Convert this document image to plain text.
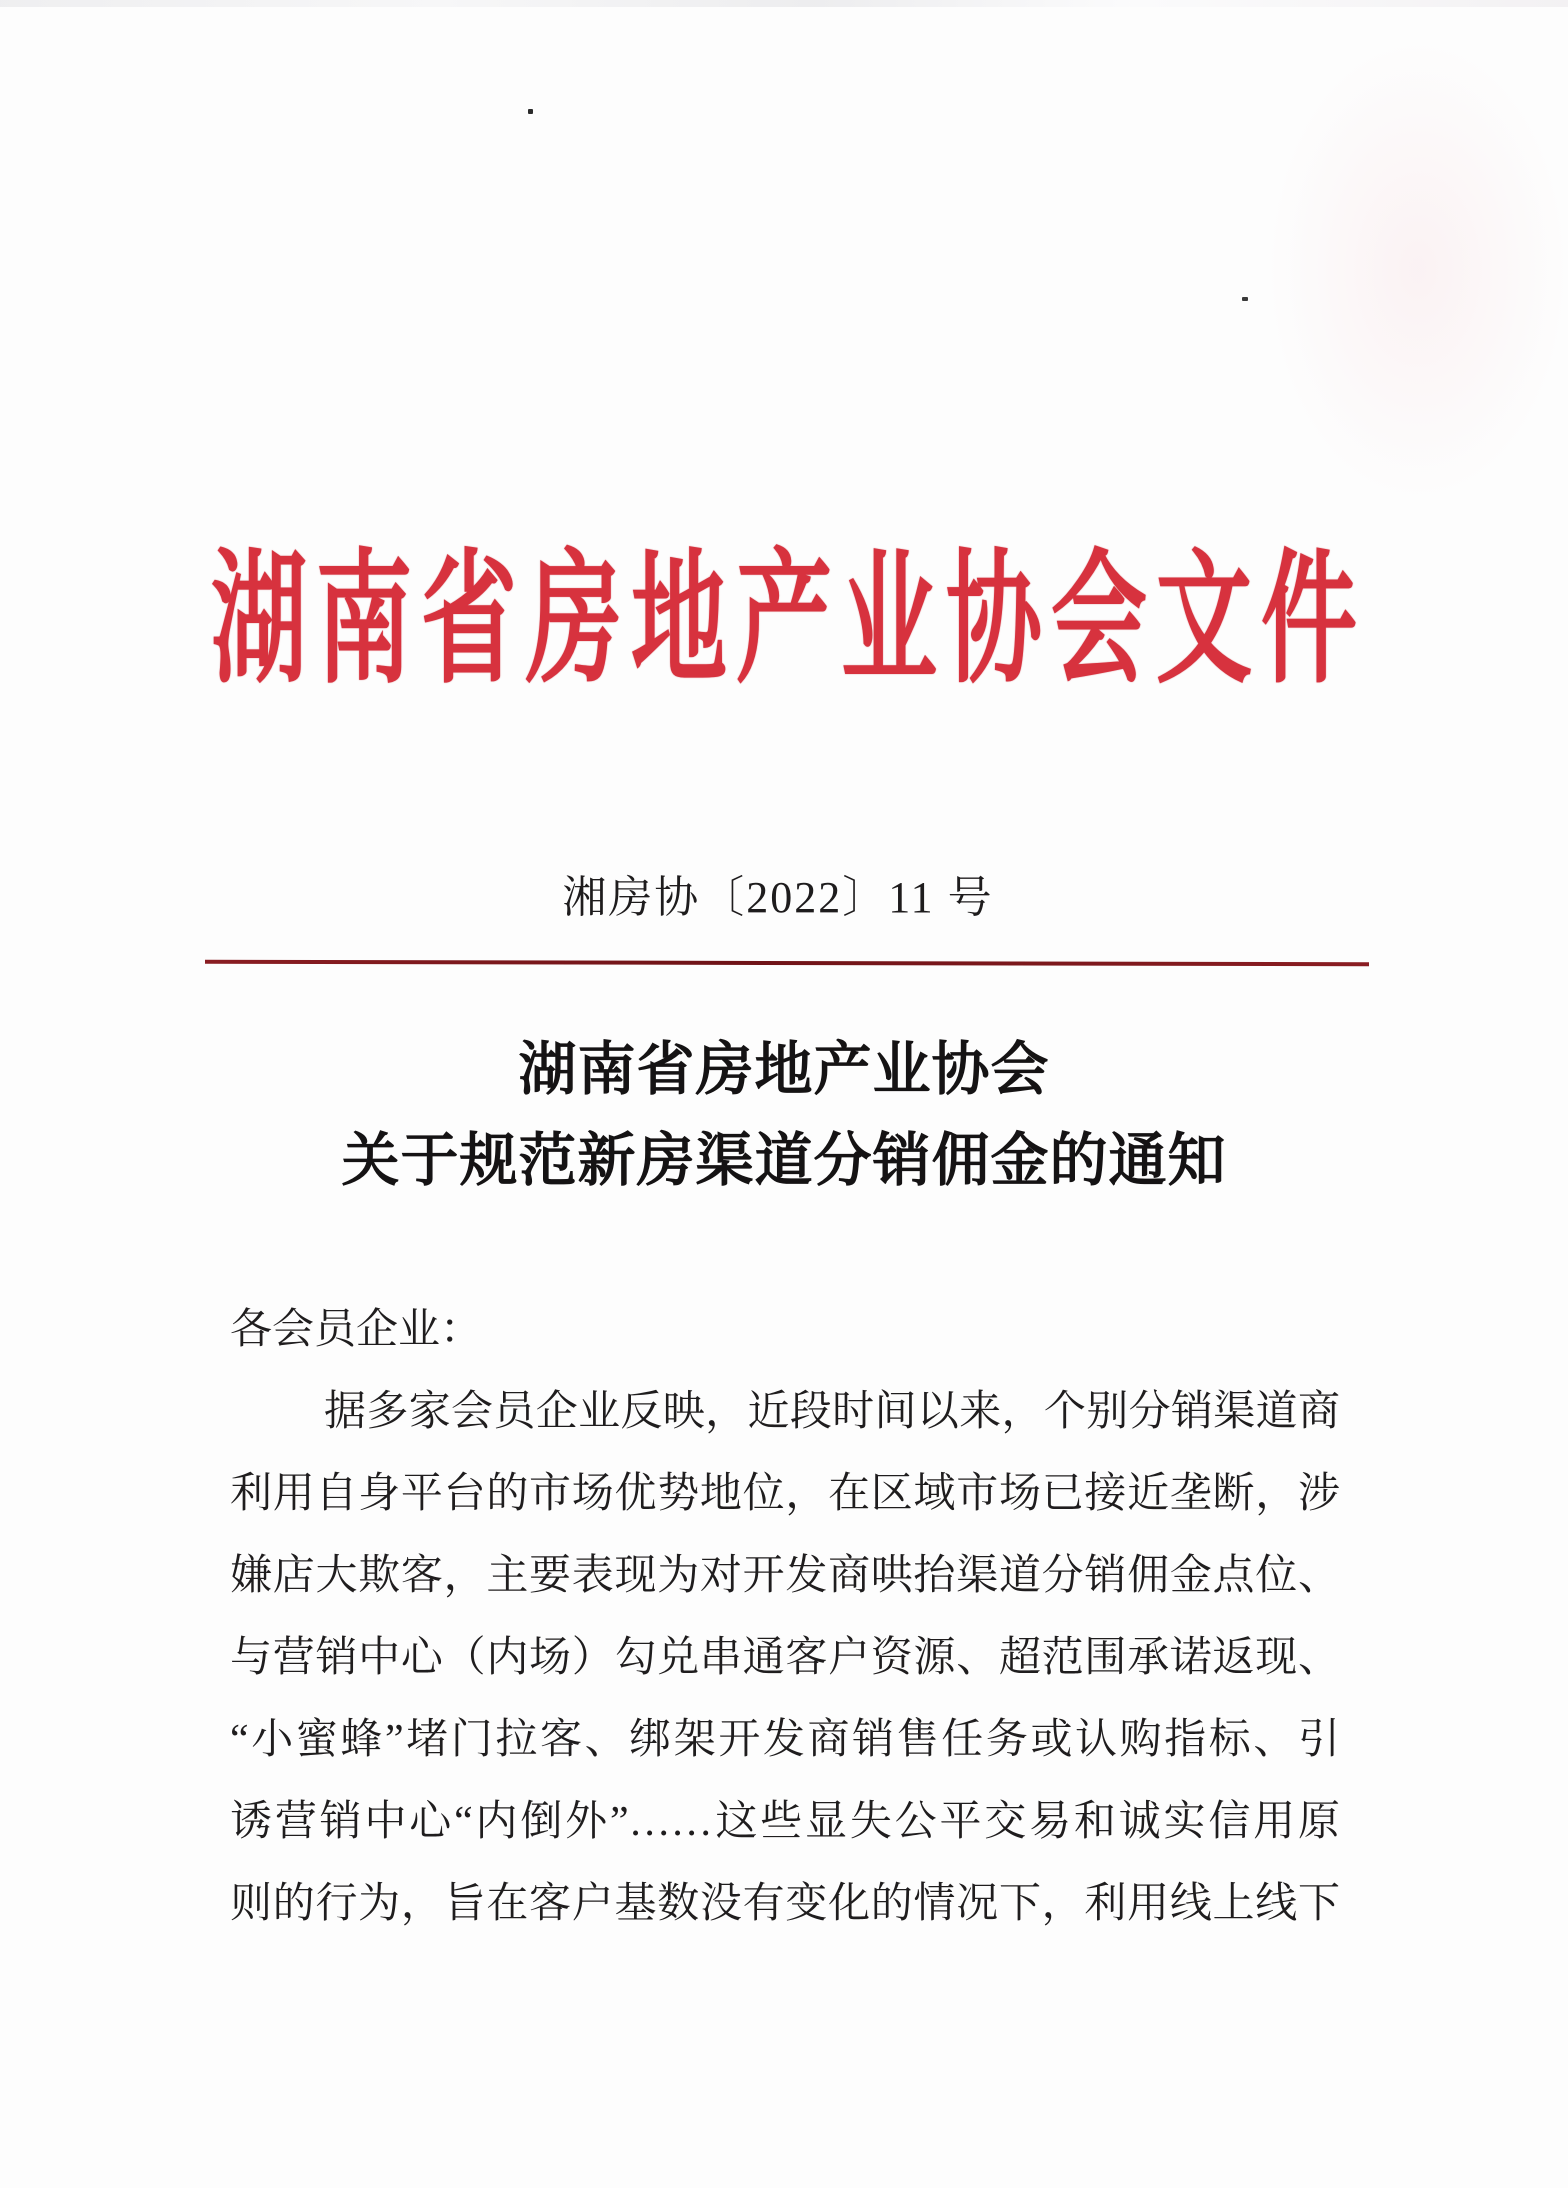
湖南省房地产业协会文件
湘房协〔2022〕11 号
湖南省房地产业协会
关于规范新房渠道分销佣金的通知
各会员企业：
据多家会员企业反映，近段时间以来，个别分销渠道商
利用自身平台的市场优势地位，在区域市场已接近垄断，涉
嫌店大欺客，主要表现为对开发商哄抬渠道分销佣金点位、
与营销中心（内场）勾兑串通客户资源、超范围承诺返现、
“小蜜蜂”堵门拉客、绑架开发商销售任务或认购指标、引
诱营销中心“内倒外”……这些显失公平交易和诚实信用原
则的行为，旨在客户基数没有变化的情况下，利用线上线下
